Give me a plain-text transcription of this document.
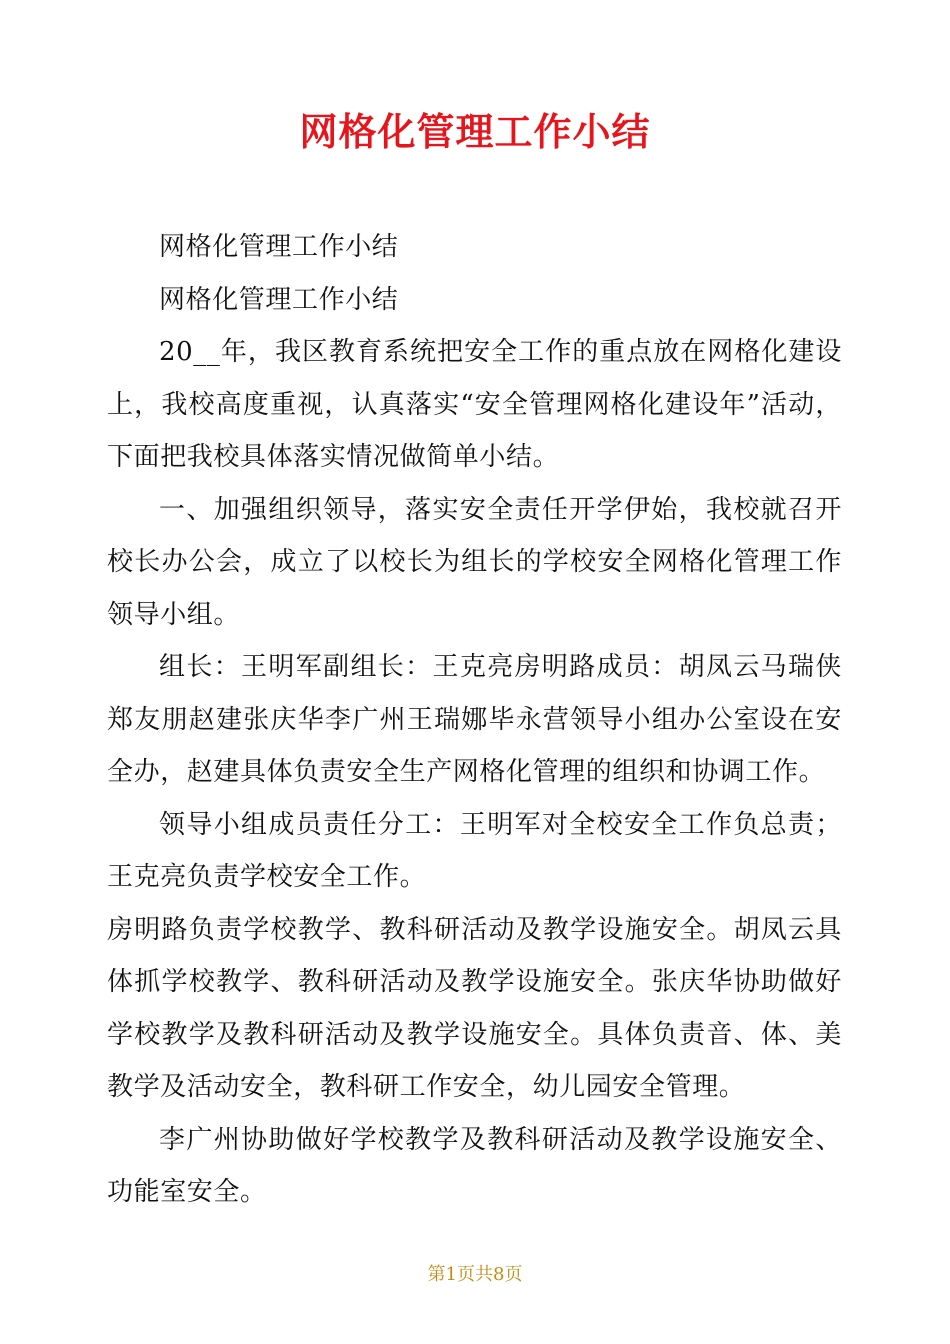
网格化管理工作小结

网格化管理工作小结

网格化管理工作小结

20__年，我区教育系统把安全工作的重点放在网格化建设上，我校高度重视，认真落实“安全管理网格化建设年”活动，下面把我校具体落实情况做简单小结。

一、加强组织领导，落实安全责任开学伊始，我校就召开校长办公会，成立了以校长为组长的学校安全网格化管理工作领导小组。

组长：王明军副组长：王克亮房明路成员：胡凤云马瑞侠郑友朋赵建张庆华李广州王瑞娜毕永营领导小组办公室设在安全办，赵建具体负责安全生产网格化管理的组织和协调工作。

领导小组成员责任分工：王明军对全校安全工作负总责；王克亮负责学校安全工作。

房明路负责学校教学、教科研活动及教学设施安全。胡凤云具体抓学校教学、教科研活动及教学设施安全。张庆华协助做好学校教学及教科研活动及教学设施安全。具体负责音、体、美教学及活动安全，教科研工作安全，幼儿园安全管理。

李广州协助做好学校教学及教科研活动及教学设施安全、功能室安全。

第1页共8页
